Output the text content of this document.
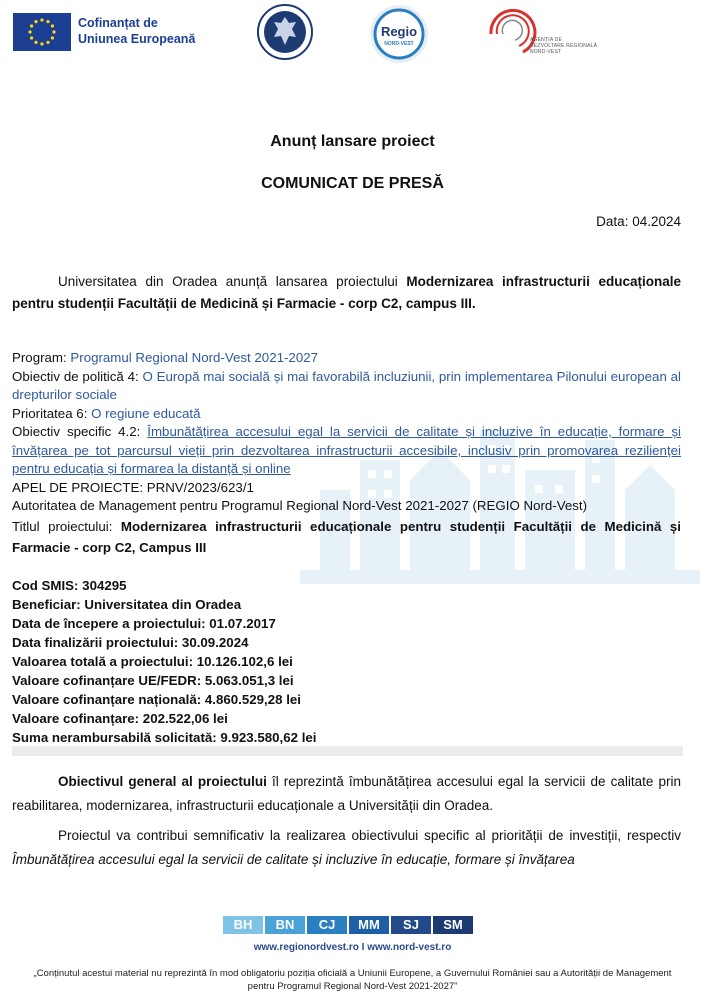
Cofinanțat de
Uniunea Europeană	Regio
NORD-VEST
AGENȚIA DE
DEZVOLTARE REGIONALĂ
NORD-VEST
Anunț lansare proiect
COMUNICAT DE PRESĂ
Data: 04.2024
Universitatea din Oradea anunță lansarea proiectului Modernizarea infrastructurii educaționale pentru studenții Facultății de Medicină și Farmacie - corp C2, campus III.
Program: Programul Regional Nord-Vest 2021-2027
Obiectiv de politică 4: O Europă mai socială și mai favorabilă incluziunii, prin implementarea Pilonului european al drepturilor sociale
Prioritatea 6: O regiune educată
Obiectiv specific 4.2: Îmbunătățirea accesului egal la servicii de calitate și incluzive în educație, formare și învățarea pe tot parcursul vieții prin dezvoltarea infrastructurii accesibile, inclusiv prin promovarea rezilienței pentru educația și formarea la distanță și online
APEL DE PROIECTE: PRNV/2023/623/1
Autoritatea de Management pentru Programul Regional Nord-Vest 2021-2027 (REGIO Nord-Vest)
Titlul proiectului: Modernizarea infrastructurii educaționale pentru studenții Facultății de Medicină și Farmacie - corp C2, Campus III
Cod SMIS: 304295
Beneficiar: Universitatea din Oradea
Data de începere a proiectului: 01.07.2017
Data finalizării proiectului: 30.09.2024
Valoarea totală a proiectului: 10.126.102,6 lei
Valoare cofinanțare UE/FEDR: 5.063.051,3 lei
Valoare cofinanțare națională: 4.860.529,28 lei
Valoare cofinanțare: 202.522,06 lei
Suma nerambursabilă solicitată: 9.923.580,62 lei
Obiectivul general al proiectului îl reprezintă îmbunătățirea accesului egal la servicii de calitate prin reabilitarea, modernizarea, infrastructurii educaționale a Universității din Oradea.
Proiectul va contribui semnificativ la realizarea obiectivului specific al priorității de investiții, respectiv Îmbunătățirea accesului egal la servicii de calitate și incluzive în educație, formare și învățarea
BH	BN	CJ	MM	SJ	SM
www.regionordvest.ro I www.nord-vest.ro
„Conținutul acestui material nu reprezintă în mod obligatoriu poziția oficială a Uniunii Europene, a Guvernului României sau a Autorității de Management pentru Programul Regional Nord-Vest 2021-2027”
